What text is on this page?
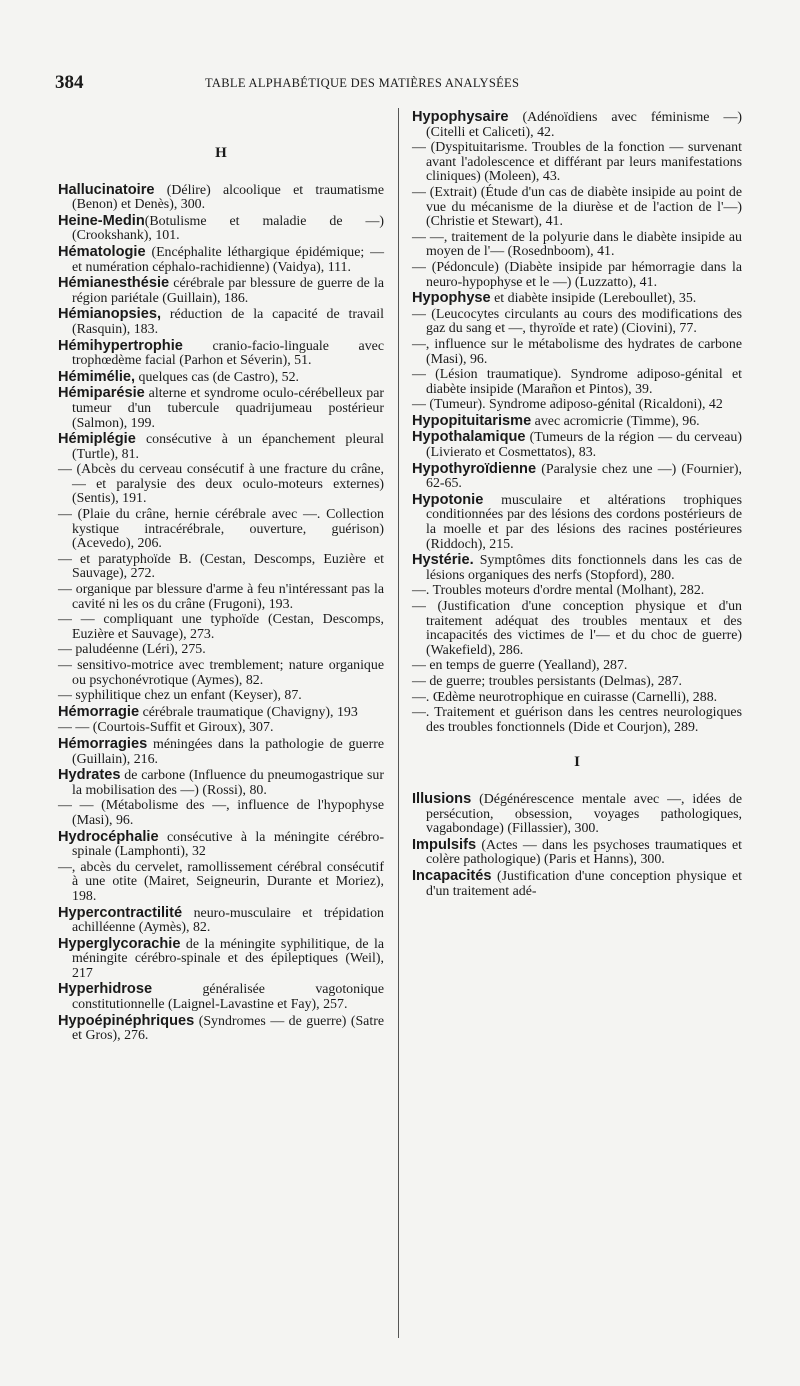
384	TABLE ALPHABÉTIQUE DES MATIÈRES ANALYSÉES
H
Hallucinatoire (Délire) alcoolique et traumatisme (Benon) et Denès), 300.
Heine-Medin(Botulisme et maladie de —) (Crookshank), 101.
Hématologie (Encéphalite léthargique épidémique; — et numération céphalo-rachidienne) (Vaidya), 111.
Hémianesthésie cérébrale par blessure de guerre de la région pariétale (Guillain), 186.
Hémianopsies, réduction de la capacité de travail (Rasquin), 183.
Hémihypertrophie cranio-facio-linguale avec trophœdème facial (Parhon et Séverin), 51.
Hémimélie, quelques cas (de Castro), 52.
Hémiparésie alterne et syndrome oculo-cérébelleux par tumeur d'un tubercule quadrijumeau postérieur (Salmon), 199.
Hémiplégie consécutive à un épanchement pleural (Turtle), 81.
— (Abcès du cerveau consécutif à une fracture du crâne, — et paralysie des deux oculo-moteurs externes) (Sentis), 191.
— (Plaie du crâne, hernie cérébrale avec —. Collection kystique intracérébrale, ouverture, guérison) (Acevedo), 206.
— et paratyphoïde B. (Cestan, Descomps, Euzière et Sauvage), 272.
— organique par blessure d'arme à feu n'intéressant pas la cavité ni les os du crâne (Frugoni), 193.
— — compliquant une typhoïde (Cestan, Descomps, Euzière et Sauvage), 273.
— paludéenne (Léri), 275.
— sensitivo-motrice avec tremblement; nature organique ou psychonévrotique (Aymes), 82.
— syphilitique chez un enfant (Keyser), 87.
Hémorragie cérébrale traumatique (Chavigny), 193
— — (Courtois-Suffit et Giroux), 307.
Hémorragies méningées dans la pathologie de guerre (Guillain), 216.
Hydrates de carbone (Influence du pneumogastrique sur la mobilisation des —) (Rossi), 80.
— — (Métabolisme des —, influence de l'hypophyse (Masi), 96.
Hydrocéphalie consécutive à la méningite cérébro-spinale (Lamphonti), 32
—, abcès du cervelet, ramollissement cérébral consécutif à une otite (Mairet, Seigneurin, Durante et Moriez), 198.
Hypercontractilité neuro-musculaire et trépidation achilléenne (Aymès), 82.
Hyperglycorachie de la méningite syphilitique, de la méningite cérébro-spinale et des épileptiques (Weil), 217
Hyperhidrose généralisée vagotonique constitutionnelle (Laignel-Lavastine et Fay), 257.
Hypoépinéphriques (Syndromes — de guerre) (Satre et Gros), 276.
Hypophysaire (Adénoïdiens avec féminisme —) (Citelli et Caliceti), 42.
— (Dyspituitarisme. Troubles de la fonction — survenant avant l'adolescence et différant par leurs manifestations cliniques) (Moleen), 43.
— (Extrait) (Étude d'un cas de diabète insipide au point de vue du mécanisme de la diurèse et de l'action de l'—) (Christie et Stewart), 41.
— —, traitement de la polyurie dans le diabète insipide au moyen de l'— (Rosednboom), 41.
— (Pédoncule) (Diabète insipide par hémorragie dans la neuro-hypophyse et le —) (Luzzatto), 41.
Hypophyse et diabète insipide (Lereboullet), 35.
— (Leucocytes circulants au cours des modifications des gaz du sang et —, thyroïde et rate) (Ciovini), 77.
—, influence sur le métabolisme des hydrates de carbone (Masi), 96.
— (Lésion traumatique). Syndrome adiposo-génital et diabète insipide (Marañon et Pintos), 39.
— (Tumeur). Syndrome adiposo-génital (Ricaldoni), 42
Hypopituitarisme avec acromicrie (Timme), 96.
Hypothalamique (Tumeurs de la région — du cerveau) (Livierato et Cosmettatos), 83.
Hypothyroïdienne (Paralysie chez une —) (Fournier), 62-65.
Hypotonie musculaire et altérations trophiques conditionnées par des lésions des cordons postérieurs de la moelle et par des lésions des racines postérieures (Riddoch), 215.
Hystérie. Symptômes dits fonctionnels dans les cas de lésions organiques des nerfs (Stopford), 280.
—. Troubles moteurs d'ordre mental (Molhant), 282.
— (Justification d'une conception physique et d'un traitement adéquat des troubles mentaux et des incapacités des victimes de l'— et du choc de guerre) (Wakefield), 286.
— en temps de guerre (Yealland), 287.
— de guerre; troubles persistants (Delmas), 287.
—. Œdème neurotrophique en cuirasse (Carnelli), 288.
—. Traitement et guérison dans les centres neurologiques des troubles fonctionnels (Dide et Courjon), 289.
I
Illusions (Dégénérescence mentale avec —, idées de persécution, obsession, voyages pathologiques, vagabondage) (Fillassier), 300.
Impulsifs (Actes — dans les psychoses traumatiques et colère pathologique) (Paris et Hanns), 300.
Incapacités (Justification d'une conception physique et d'un traitement adé-
